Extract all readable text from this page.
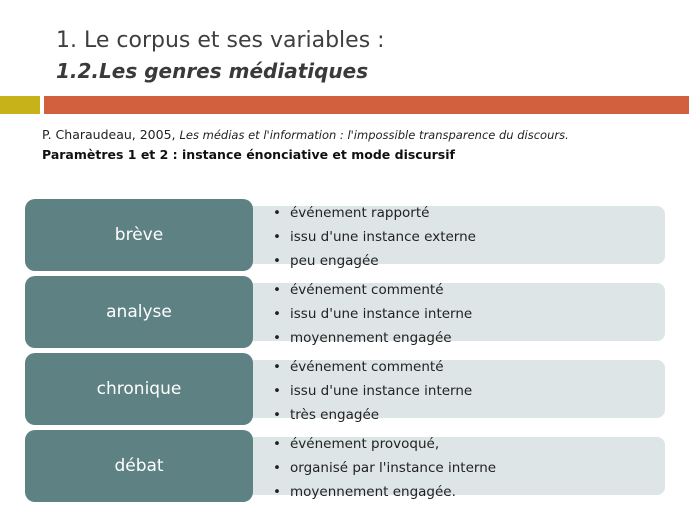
1. Le corpus et ses variables :
1.2.Les genres médiatiques
P. Charaudeau, 2005, Les médias et l'information : l'impossible transparence du discours.
Paramètres 1 et 2 : instance énonciative et mode discursif
brève
• événement rapporté
• issu d'une instance externe
• peu engagée
analyse
• événement commenté
• issu d'une instance interne
• moyennement engagée
chronique
• événement commenté
• issu d'une instance interne
• très engagée
débat
• événement provoqué,
• organisé par l'instance interne
• moyennement engagée.
